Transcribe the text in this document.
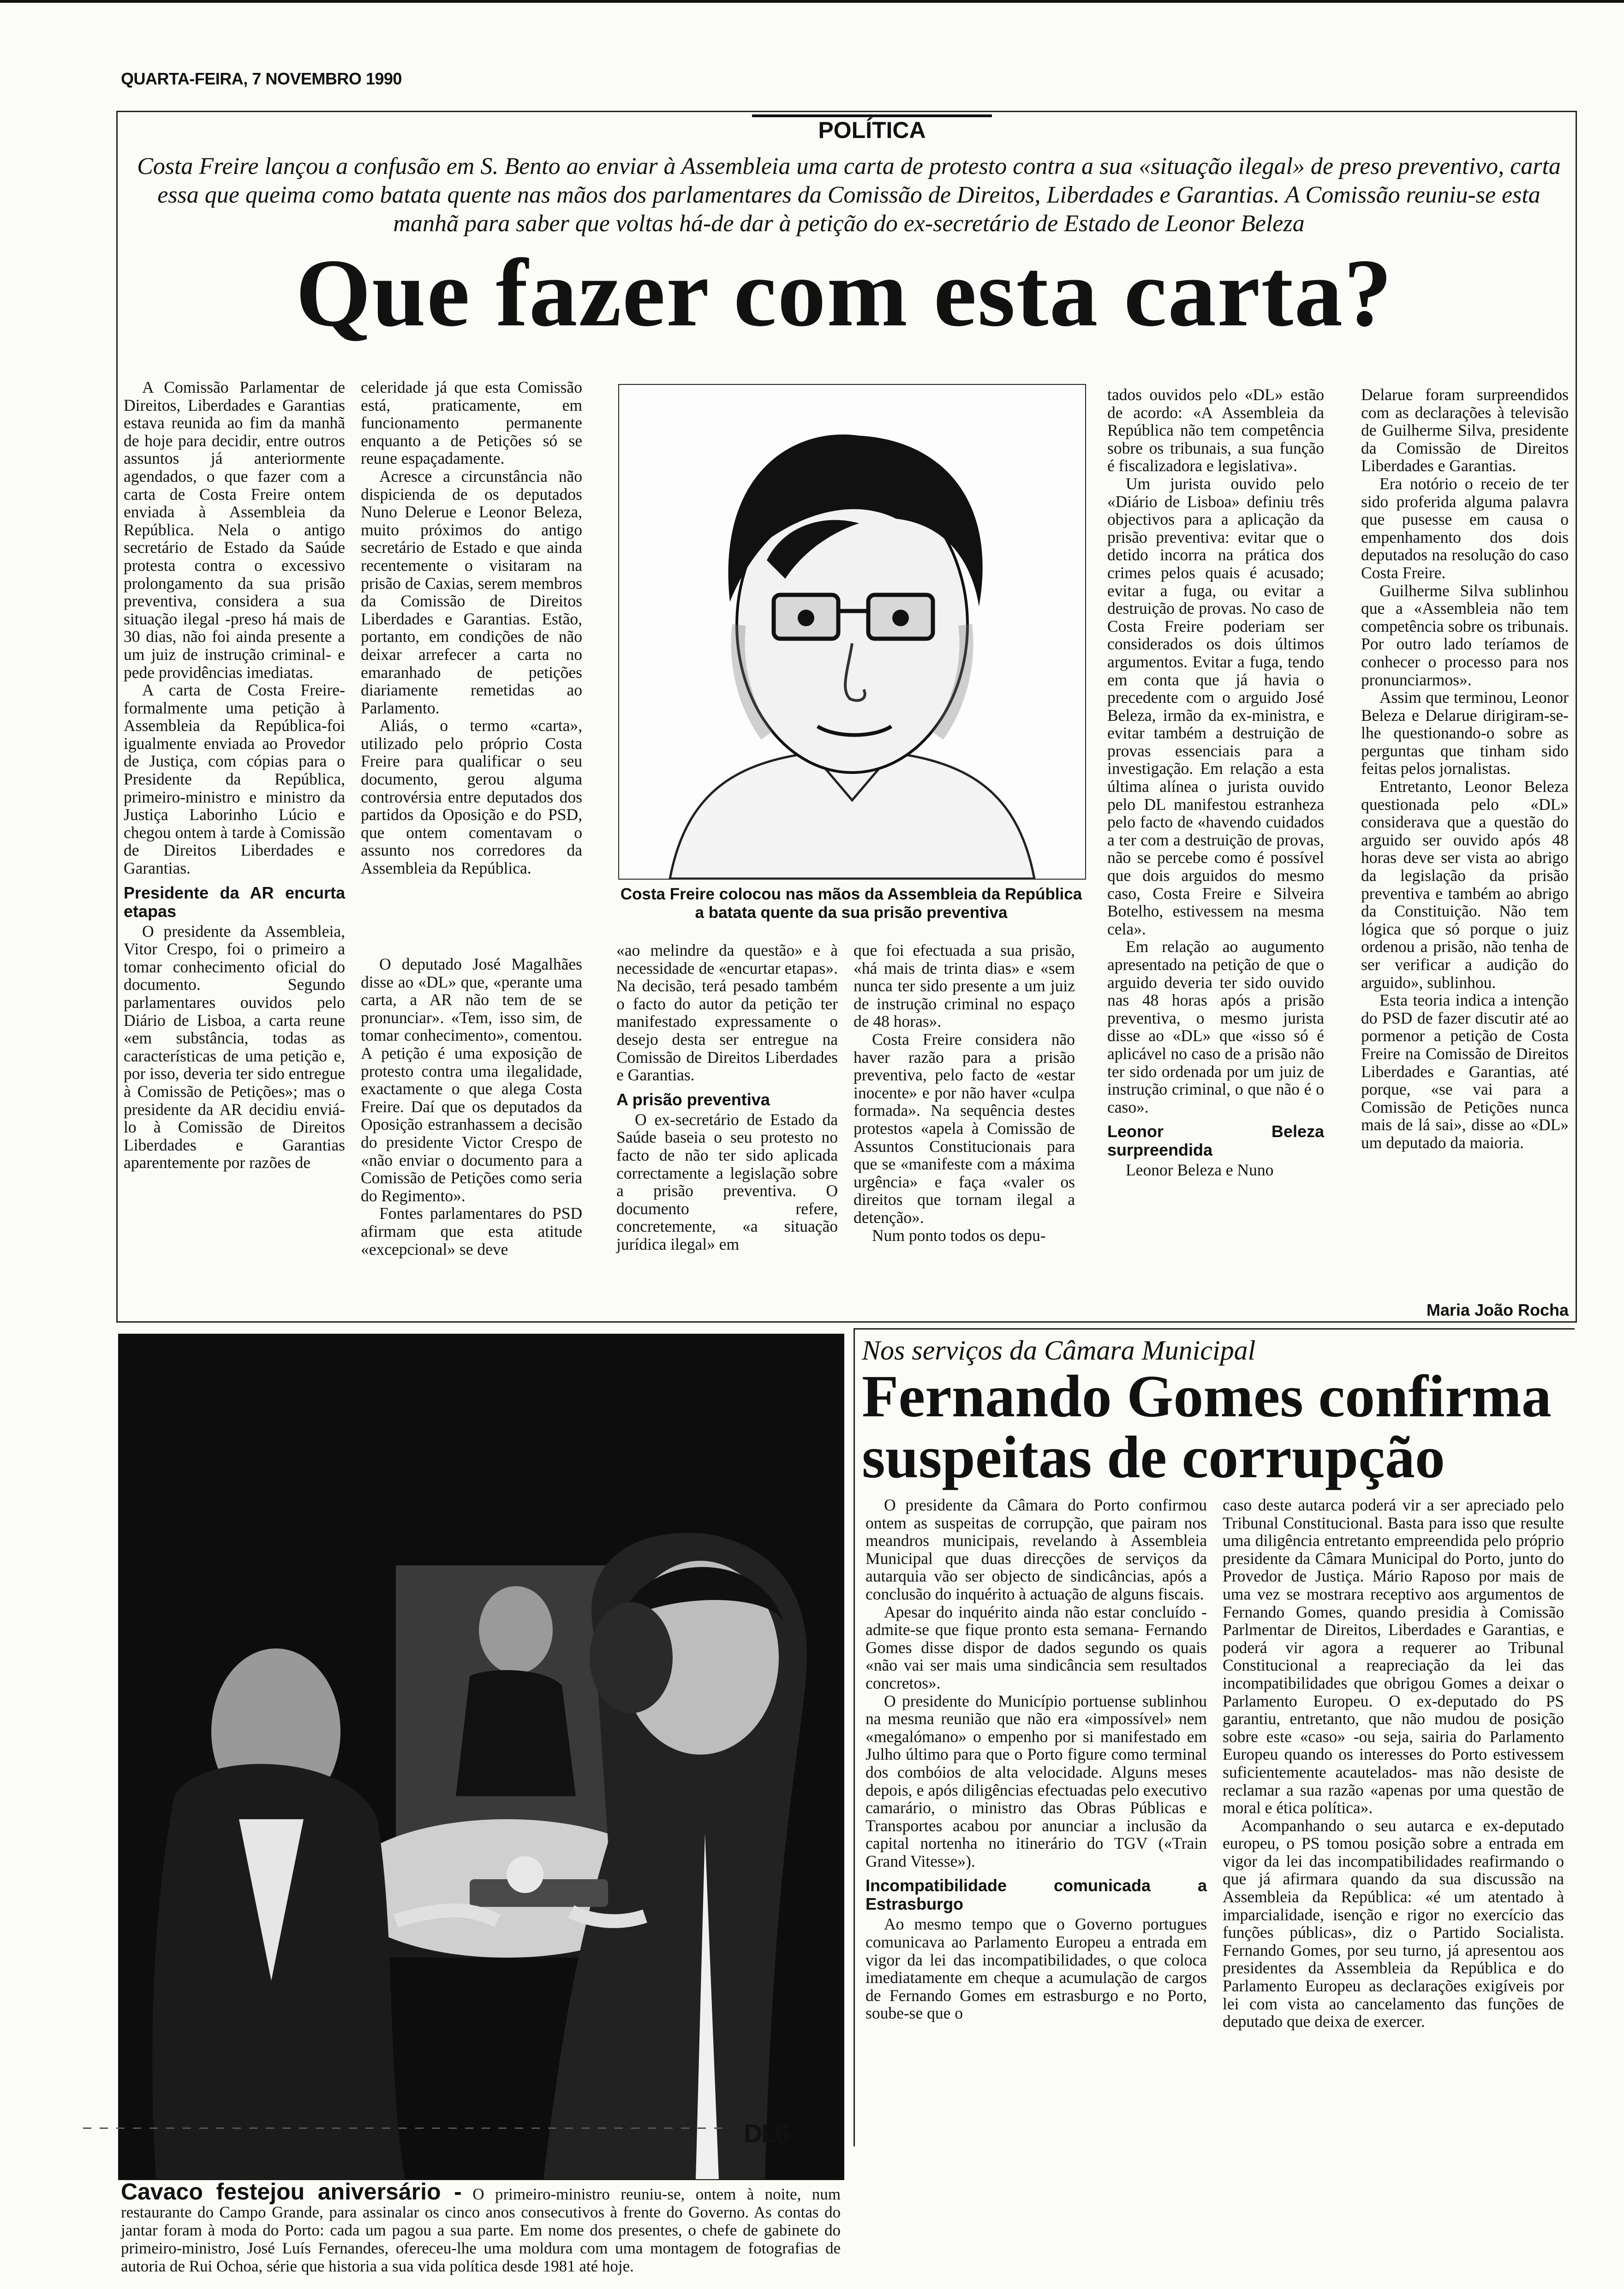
QUARTA-FEIRA, 7 NOVEMBRO 1990
POLÍTICA
Costa Freire lançou a confusão em S. Bento ao enviar à Assembleia uma carta de protesto contra a sua «situação ilegal» de preso preventivo, carta essa que queima como batata quente nas mãos dos parlamentares da Comissão de Direitos, Liberdades e Garantias. A Comissão reuniu-se esta manhã para saber que voltas há-de dar à petição do ex-secretário de Estado de Leonor Beleza
Que fazer com esta carta?

A Comissão Parlamentar de Direitos, Liberdades e Garantias estava reunida ao fim da manhã de hoje para decidir, entre outros assuntos já anteriormente agendados, o que fazer com a carta de Costa Freire ontem enviada à Assembleia da República. Nela o antigo secretário de Estado da Saúde protesta contra o excessivo prolongamento da sua prisão preventiva, considera a sua situação ilegal -preso há mais de 30 dias, não foi ainda presente a um juiz de instrução criminal- e pede providências imediatas.

A carta de Costa Freire-formalmente uma petição à Assembleia da República-foi igualmente enviada ao Provedor de Justiça, com cópias para o Presidente da República, primeiro-ministro e ministro da Justiça Laborinho Lúcio e chegou ontem à tarde à Comissão de Direitos Liberdades e Garantias.

Presidente da AR encurta etapas

O presidente da Assembleia, Vitor Crespo, foi o primeiro a tomar conhecimento oficial do documento. Segundo parlamentares ouvidos pelo Diário de Lisboa, a carta reune «em substância, todas as características de uma petição e, por isso, deveria ter sido entregue à Comissão de Petições»; mas o presidente da AR decidiu enviá-lo à Comissão de Direitos Liberdades e Garantias aparentemente por razões de

celeridade já que esta Comissão está, praticamente, em funcionamento permanente enquanto a de Petições só se reune espaçadamente.

Acresce a circunstância não dispicienda de os deputados Nuno Delerue e Leonor Beleza, muito próximos do antigo secretário de Estado e que ainda recentemente o visitaram na prisão de Caxias, serem membros da Comissão de Direitos Liberdades e Garantias. Estão, portanto, em condições de não deixar arrefecer a carta no emaranhado de petições diariamente remetidas ao Parlamento.

Aliás, o termo «carta», utilizado pelo próprio Costa Freire para qualificar o seu documento, gerou alguma controvérsia entre deputados dos partidos da Oposição e do PSD, que ontem comentavam o assunto nos corredores da Assembleia da República.

O deputado José Magalhães disse ao «DL» que, «perante uma carta, a AR não tem de se pronunciar». «Tem, isso sim, de tomar conhecimento», comentou. A petição é uma exposição de protesto contra uma ilegalidade, exactamente o que alega Costa Freire. Daí que os deputados da Oposição estranhassem a decisão do presidente Victor Crespo de «não enviar o documento para a Comissão de Petições como seria do Regimento».

Fontes parlamentares do PSD afirmam que esta atitude «excepcional» se deve

Costa Freire colocou nas mãos da Assembleia da República a batata quente da sua prisão preventiva

«ao melindre da questão» e à necessidade de «encurtar etapas». Na decisão, terá pesado também o facto do autor da petição ter manifestado expressamente o desejo desta ser entregue na Comissão de Direitos Liberdades e Garantias.

A prisão preventiva

O ex-secretário de Estado da Saúde baseia o seu protesto no facto de não ter sido aplicada correctamente a legislação sobre a prisão preventiva. O documento refere, concretemente, «a situação jurídica ilegal» em

que foi efectuada a sua prisão, «há mais de trinta dias» e «sem nunca ter sido presente a um juiz de instrução criminal no espaço de 48 horas».

Costa Freire considera não haver razão para a prisão preventiva, pelo facto de «estar inocente» e por não haver «culpa formada». Na sequência destes protestos «apela à Comissão de Assuntos Constitucionais para que se «manifeste com a máxima urgência» e faça «valer os direitos que tornam ilegal a detenção».

Num ponto todos os depu-

tados ouvidos pelo «DL» estão de acordo: «A Assembleia da República não tem competência sobre os tribunais, a sua função é fiscalizadora e legislativa».

Um jurista ouvido pelo «Diário de Lisboa» definiu três objectivos para a aplicação da prisão preventiva: evitar que o detido incorra na prática dos crimes pelos quais é acusado; evitar a fuga, ou evitar a destruição de provas. No caso de Costa Freire poderiam ser considerados os dois últimos argumentos. Evitar a fuga, tendo em conta que já havia o precedente com o arguido José Beleza, irmão da ex-ministra, e evitar também a destruição de provas essenciais para a investigação. Em relação a esta última alínea o jurista ouvido pelo DL manifestou estranheza pelo facto de «havendo cuidados a ter com a destruição de provas, não se percebe como é possível que dois arguidos do mesmo caso, Costa Freire e Silveira Botelho, estivessem na mesma cela».

Em relação ao augumento apresentado na petição de que o arguido deveria ter sido ouvido nas 48 horas após a prisão preventiva, o mesmo jurista disse ao «DL» que «isso só é aplicável no caso de a prisão não ter sido ordenada por um juiz de instrução criminal, o que não é o caso».

Leonor Beleza surpreendida

Leonor Beleza e Nuno

Delarue foram surpreendidos com as declarações à televisão de Guilherme Silva, presidente da Comissão de Direitos Liberdades e Garantias.

Era notório o receio de ter sido proferida alguma palavra que pusesse em causa o empenhamento dos dois deputados na resolução do caso Costa Freire.

Guilherme Silva sublinhou que a «Assembleia não tem competência sobre os tribunais. Por outro lado teríamos de conhecer o processo para nos pronunciarmos».

Assim que terminou, Leonor Beleza e Delarue dirigiram-se-lhe questionando-o sobre as perguntas que tinham sido feitas pelos jornalistas.

Entretanto, Leonor Beleza questionada pelo «DL» considerava que a questão do arguido ser ouvido após 48 horas deve ser vista ao abrigo da legislação da prisão preventiva e também ao abrigo da Constituição. Não tem lógica que só porque o juiz ordenou a prisão, não tenha de ser verificar a audição do arguido», sublinhou.

Esta teoria indica a intenção do PSD de fazer discutir até ao pormenor a petição de Costa Freire na Comissão de Direitos Liberdades e Garantias, até porque, «se vai para a Comissão de Petições nunca mais de lá sai», disse ao «DL» um deputado da maioria.

Maria João Rocha
Cavaco festejou aniversário - O primeiro-ministro reuniu-se, ontem à noite, num restaurante do Campo Grande, para assinalar os cinco anos consecutivos à frente do Governo. As contas do jantar foram à moda do Porto: cada um pagou a sua parte. Em nome dos presentes, o chefe de gabinete do primeiro-ministro, José Luís Fernandes, ofereceu-lhe uma moldura com uma montagem de fotografias de autoria de Rui Ochoa, série que historia a sua vida política desde 1981 até hoje.
Nos serviços da Câmara Municipal
Fernando Gomes confirma suspeitas de corrupção

O presidente da Câmara do Porto confirmou ontem as suspeitas de corrupção, que pairam nos meandros municipais, revelando à Assembleia Municipal que duas direcções de serviços da autarquia vão ser objecto de sindicâncias, após a conclusão do inquérito à actuação de alguns fiscais.

Apesar do inquérito ainda não estar concluído -admite-se que fique pronto esta semana- Fernando Gomes disse dispor de dados segundo os quais «não vai ser mais uma sindicância sem resultados concretos».

O presidente do Município portuense sublinhou na mesma reunião que não era «impossível» nem «megalómano» o empenho por si manifestado em Julho último para que o Porto figure como terminal dos combóios de alta velocidade. Alguns meses depois, e após diligências efectuadas pelo executivo camarário, o ministro das Obras Públicas e Transportes acabou por anunciar a inclusão da capital nortenha no itinerário do TGV («Train Grand Vitesse»).

Incompatibilidade comunicada a Estrasburgo

Ao mesmo tempo que o Governo portugues comunicava ao Parlamento Europeu a entrada em vigor da lei das incompatibilidades, o que coloca imediatamente em cheque a acumulação de cargos de Fernando Gomes em estrasburgo e no Porto, soube-se que o

caso deste autarca poderá vir a ser apreciado pelo Tribunal Constitucional. Basta para isso que resulte uma diligência entretanto empreendida pelo próprio presidente da Câmara Municipal do Porto, junto do Provedor de Justiça. Mário Raposo por mais de uma vez se mostrara receptivo aos argumentos de Fernando Gomes, quando presidia à Comissão Parlmentar de Direitos, Liberdades e Garantias, e poderá vir agora a requerer ao Tribunal Constitucional a reapreciação da lei das incompatibilidades que obrigou Gomes a deixar o Parlamento Europeu. O ex-deputado do PS garantiu, entretanto, que não mudou de posição sobre este «caso» -ou seja, sairia do Parlamento Europeu quando os interesses do Porto estivessem suficientemente acautelados- mas não desiste de reclamar a sua razão «apenas por uma questão de moral e ética política».

Acompanhando o seu autarca e ex-deputado europeu, o PS tomou posição sobre a entrada em vigor da lei das incompatibilidades reafirmando o que já afirmara quando da sua discussão na Assembleia da República: «é um atentado à imparcialidade, isenção e rigor no exercício das funções públicas», diz o Partido Socialista. Fernando Gomes, por seu turno, já apresentou aos presidentes da Assembleia da República e do Parlamento Europeu as declarações exigíveis por lei com vista ao cancelamento das funções de deputado que deixa de exercer.

DL6
